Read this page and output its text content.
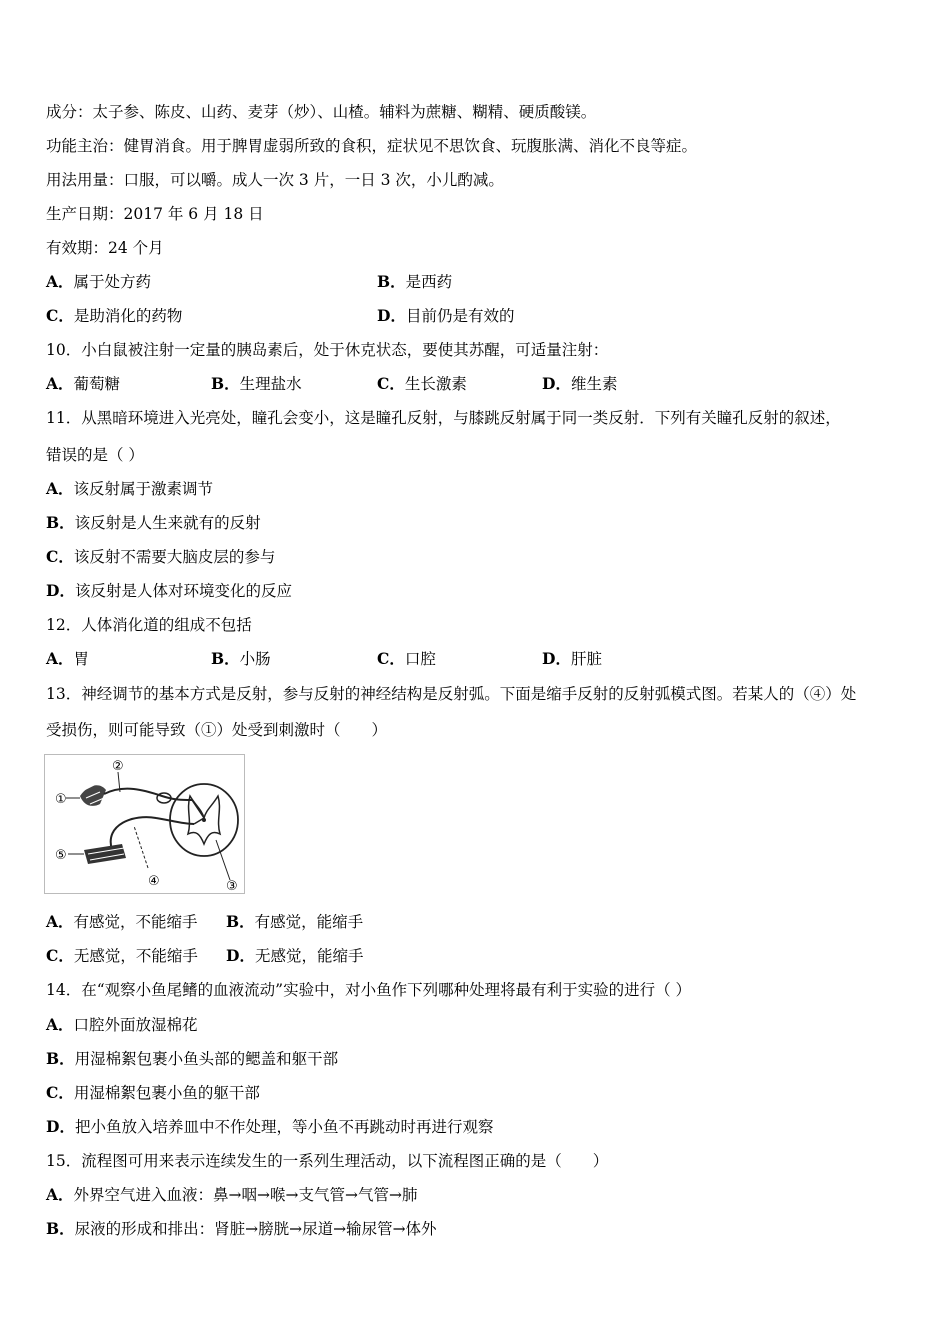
成分：太子参、陈皮、山药、麦芽（炒）、山楂。辅料为蔗糖、糊精、硬质酸镁。
功能主治：健胃消食。用于脾胃虚弱所致的食积，症状见不思饮食、玩腹胀满、消化不良等症。
用法用量：口服，可以嚼。成人一次 3 片，一日 3 次，小儿酌减。
生产日期：2017 年 6 月 18 日
有效期：24 个月
A．属于处方药	B．是西药
C．是助消化的药物	D．目前仍是有效的
10．小白鼠被注射一定量的胰岛素后，处于休克状态，要使其苏醒，可适量注射：
A．葡萄糖	B．生理盐水	C．生长激素	D．维生素
11．从黑暗环境进入光亮处，瞳孔会变小，这是瞳孔反射，与膝跳反射属于同一类反射．下列有关瞳孔反射的叙述，
错误的是（ ）
A．该反射属于激素调节
B．该反射是人生来就有的反射
C．该反射不需要大脑皮层的参与
D．该反射是人体对环境变化的反应
12．人体消化道的组成不包括
A．胃	B．小肠	C．口腔	D．肝脏
13．神经调节的基本方式是反射，参与反射的神经结构是反射弧。下面是缩手反射的反射弧模式图。若某人的（④）处
受损伤，则可能导致（①）处受到刺激时（　　）
①
②
③
④
⑤
A．有感觉，不能缩手 B．有感觉，能缩手
C．无感觉，不能缩手 D．无感觉，能缩手
14．在“观察小鱼尾鳍的血液流动”实验中，对小鱼作下列哪种处理将最有利于实验的进行（ ）
A．口腔外面放湿棉花
B．用湿棉絮包裹小鱼头部的鳃盖和躯干部
C．用湿棉絮包裹小鱼的躯干部
D．把小鱼放入培养皿中不作处理，等小鱼不再跳动时再进行观察
15．流程图可用来表示连续发生的一系列生理活动，以下流程图正确的是（　　）
A．外界空气进入血液：鼻→咽→喉→支气管→气管→肺
B．尿液的形成和排出：肾脏→膀胱→尿道→输尿管→体外
